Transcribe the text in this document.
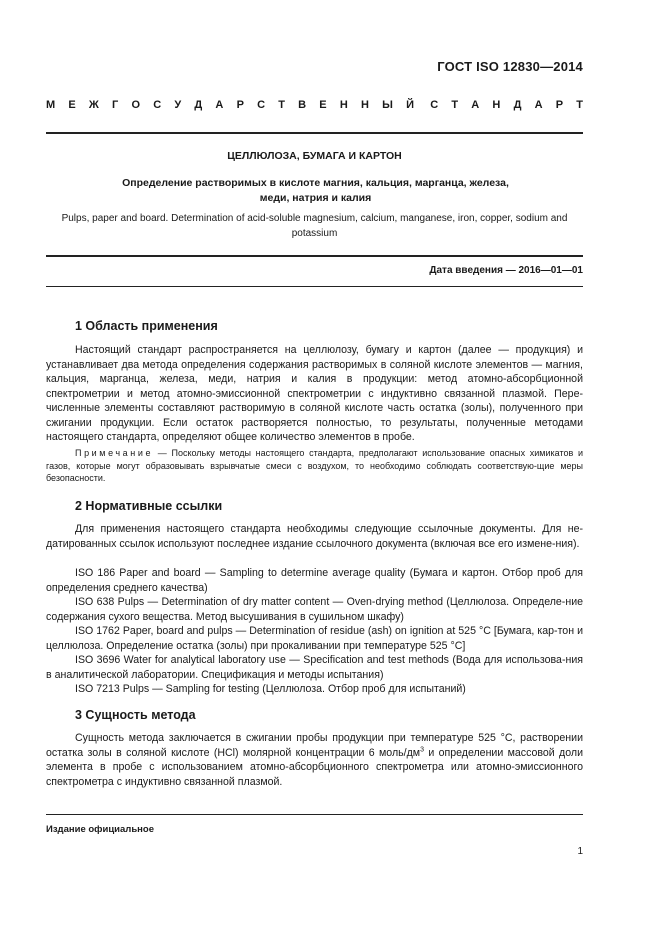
ГОСТ ISO 12830—2014
М Е Ж Г О С У Д А Р С Т В Е Н Н Ы Й С Т А Н Д А Р Т
ЦЕЛЛЮЛОЗА, БУМАГА И КАРТОН
Определение растворимых в кислоте магния, кальция, марганца, железа, меди, натрия и калия
Pulps, paper and board. Determination of acid-soluble magnesium, calcium, manganese, iron, copper, sodium and potassium
Дата введения — 2016—01—01
1 Область применения
Настоящий стандарт распространяется на целлюлозу, бумагу и картон (далее — продукция) и устанавливает два метода определения содержания растворимых в соляной кислоте элементов — магния, кальция, марганца, железа, меди, натрия и калия в продукции: метод атомно-абсорбционной спектрометрии и метод атомно-эмиссионной спектрометрии с индуктивно связанной плазмой. Пере-численные элементы составляют растворимую в соляной кислоте часть остатка (золы), полученного при сжигании продукции. Если остаток растворяется полностью, то результаты, полученные методами настоящего стандарта, определяют общее количество элементов в пробе.
Примечание — Поскольку методы настоящего стандарта, предполагают использование опасных химикатов и газов, которые могут образовывать взрывчатые смеси с воздухом, то необходимо соблюдать соответствую-щие меры безопасности.
2 Нормативные ссылки
Для применения настоящего стандарта необходимы следующие ссылочные документы. Для не-датированных ссылок используют последнее издание ссылочного документа (включая все его измене-ния).
ISO 186 Paper and board — Sampling to determine average quality (Бумага и картон. Отбор проб для определения среднего качества)
ISO 638 Pulps — Determination of dry matter content — Oven-drying method (Целлюлоза. Определе-ние содержания сухого вещества. Метод высушивания в сушильном шкафу)
ISO 1762 Paper, board and pulps — Determination of residue (ash) on ignition at 525 °C [Бумага, кар-тон и целлюлоза. Определение остатка (золы) при прокаливании при температуре 525 °C]
ISO 3696 Water for analytical laboratory use — Specification and test methods (Вода для использова-ния в аналитической лаборатории. Спецификация и методы испытания)
ISO 7213 Pulps — Sampling for testing (Целлюлоза. Отбор проб для испытаний)
3 Сущность метода
Сущность метода заключается в сжигании пробы продукции при температуре 525 °C, растворении остатка золы в соляной кислоте (HCl) молярной концентрации 6 моль/$дм^3$ и определении массовой доли элемента в пробе с использованием атомно-абсорбционного спектрометра или атомно-эмиссионного спектрометра с индуктивно связанной плазмой.
Издание официальное
1
